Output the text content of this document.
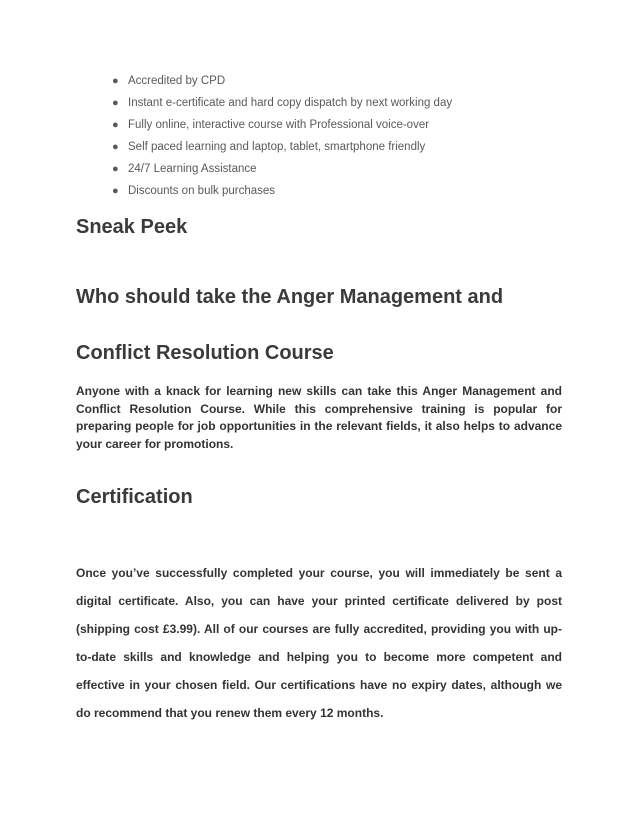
● Accredited by CPD
● Instant e-certificate and hard copy dispatch by next working day
● Fully online, interactive course with Professional voice-over
● Self paced learning and laptop, tablet, smartphone friendly
● 24/7 Learning Assistance
● Discounts on bulk purchases
Sneak Peek
Who should take the Anger Management and
Conflict Resolution Course

Anyone with a knack for learning new skills can take this Anger Management and Conflict Resolution Course. While this comprehensive training is popular for preparing people for job opportunities in the relevant fields, it also helps to advance your career for promotions.

Certification

Once you’ve successfully completed your course, you will immediately be sent a digital certificate. Also, you can have your printed certificate delivered by post (shipping cost £3.99). All of our courses are fully accredited, providing you with up-to-date skills and knowledge and helping you to become more competent and effective in your chosen field. Our certifications have no expiry dates, although we do recommend that you renew them every 12 months.
